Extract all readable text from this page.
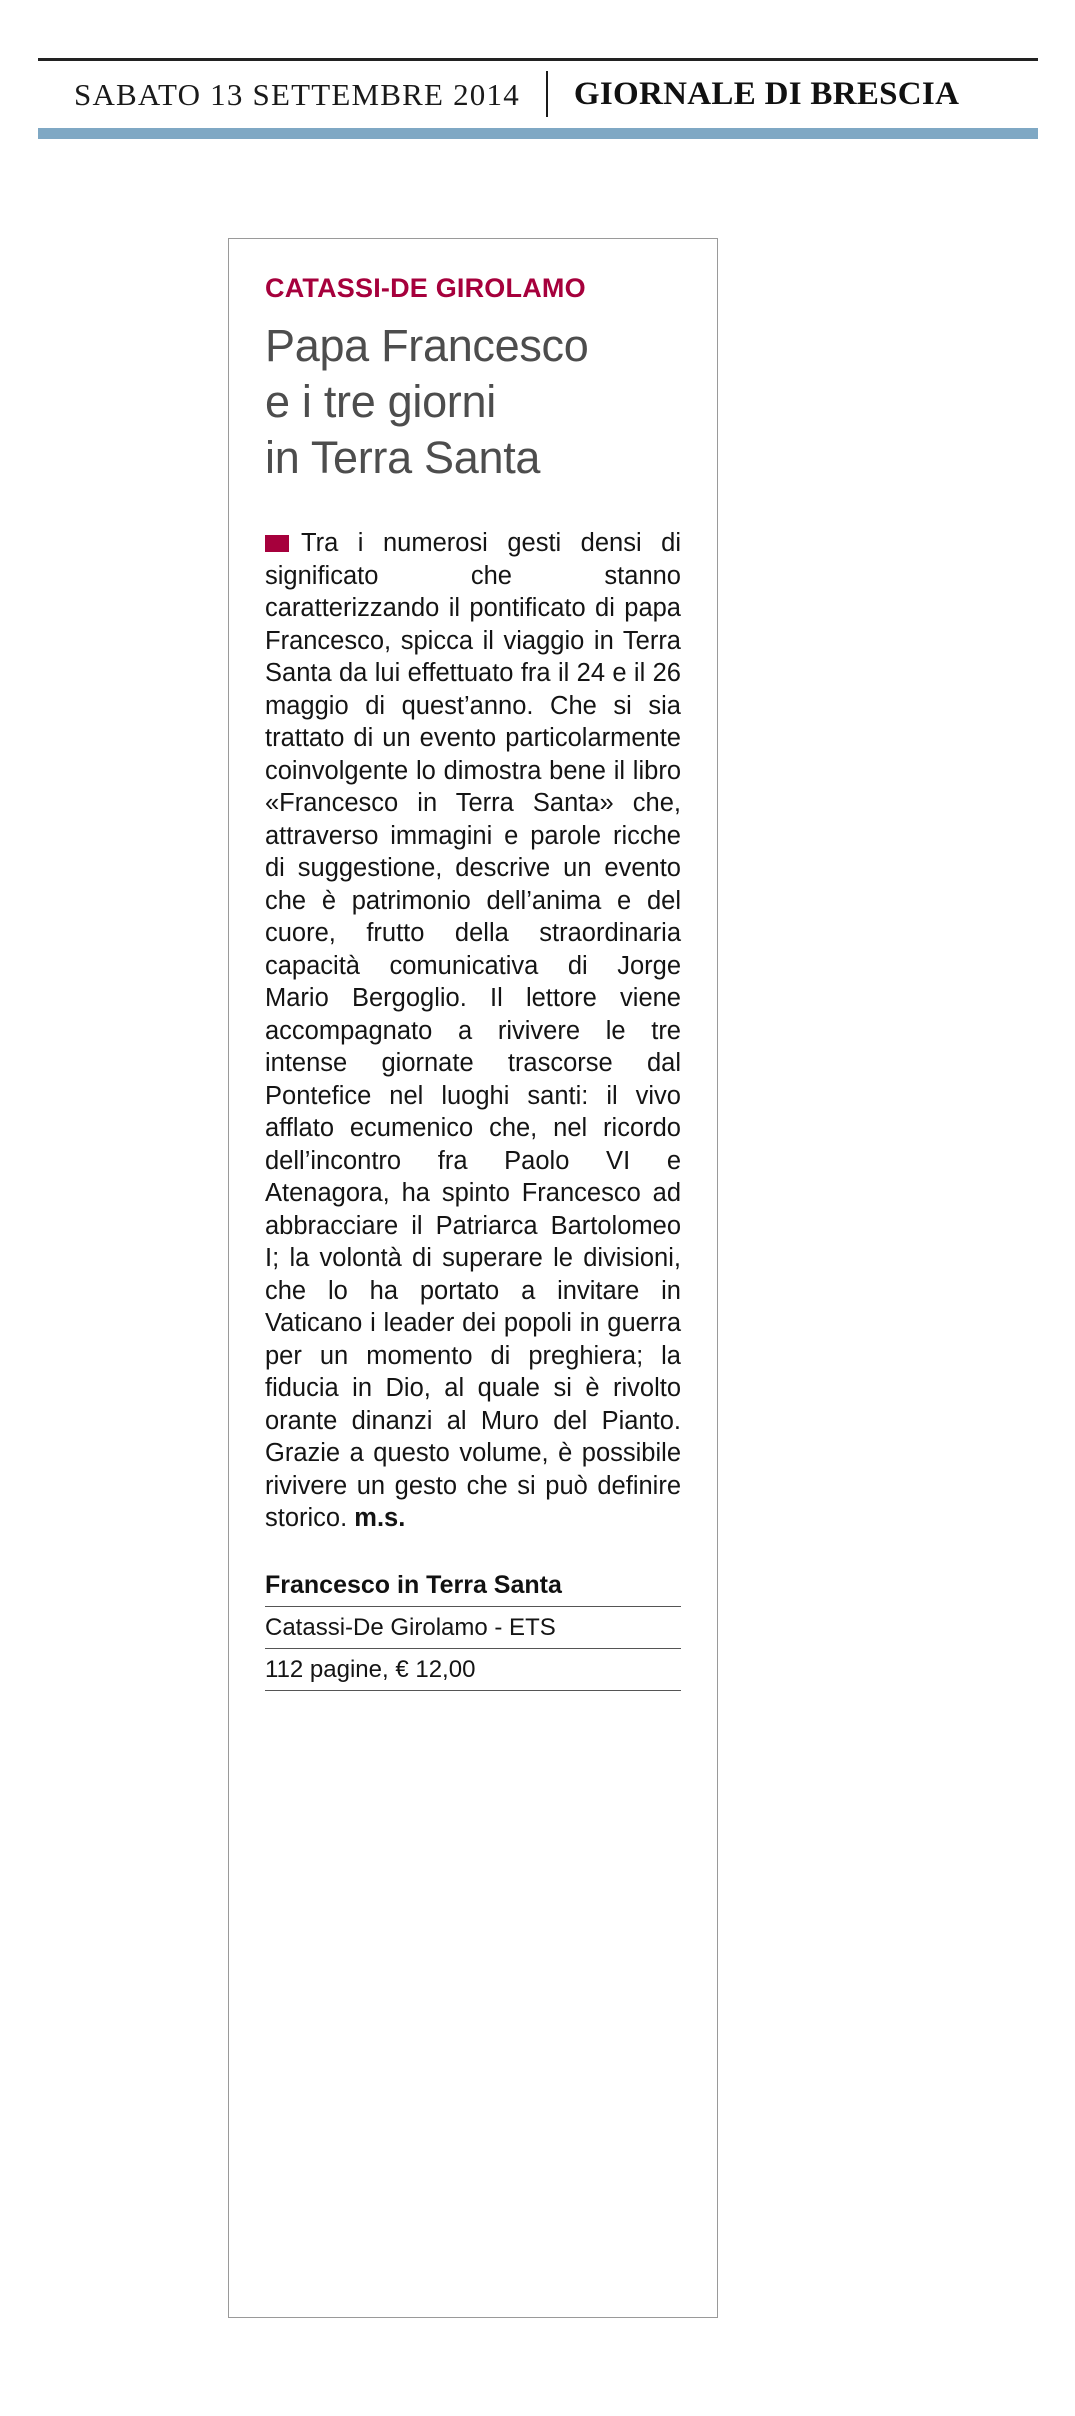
SABATO 13 SETTEMBRE 2014 GIORNALE DI BRESCIA
CATASSI-DE GIROLAMO
Papa Francesco
e i tre giorni
in Terra Santa

Tra i numerosi gesti densi di significato che stanno caratterizzando il pontificato di papa Francesco, spicca il viaggio in Terra Santa da lui effettuato fra il 24 e il 26 maggio di quest’anno. Che si sia trattato di un evento particolarmente coinvolgente lo dimostra bene il libro «Francesco in Terra Santa» che, attraverso immagini e parole ricche di suggestione, descrive un evento che è patrimonio dell’anima e del cuore, frutto della straordinaria capacità comunicativa di Jorge Mario Bergoglio. Il lettore viene accompagnato a rivivere le tre intense giornate trascorse dal Pontefice nel luoghi santi: il vivo afflato ecumenico che, nel ricordo dell’incontro fra Paolo VI e Atenagora, ha spinto Francesco ad abbracciare il Patriarca Bartolomeo I; la volontà di superare le divisioni, che lo ha portato a invitare in Vaticano i leader dei popoli in guerra per un momento di preghiera; la fiducia in Dio, al quale si è rivolto orante dinanzi al Muro del Pianto. Grazie a questo volume, è possibile rivivere un gesto che si può definire storico. m.s.

Francesco in Terra Santa
Catassi-De Girolamo - ETS
112 pagine, € 12,00
